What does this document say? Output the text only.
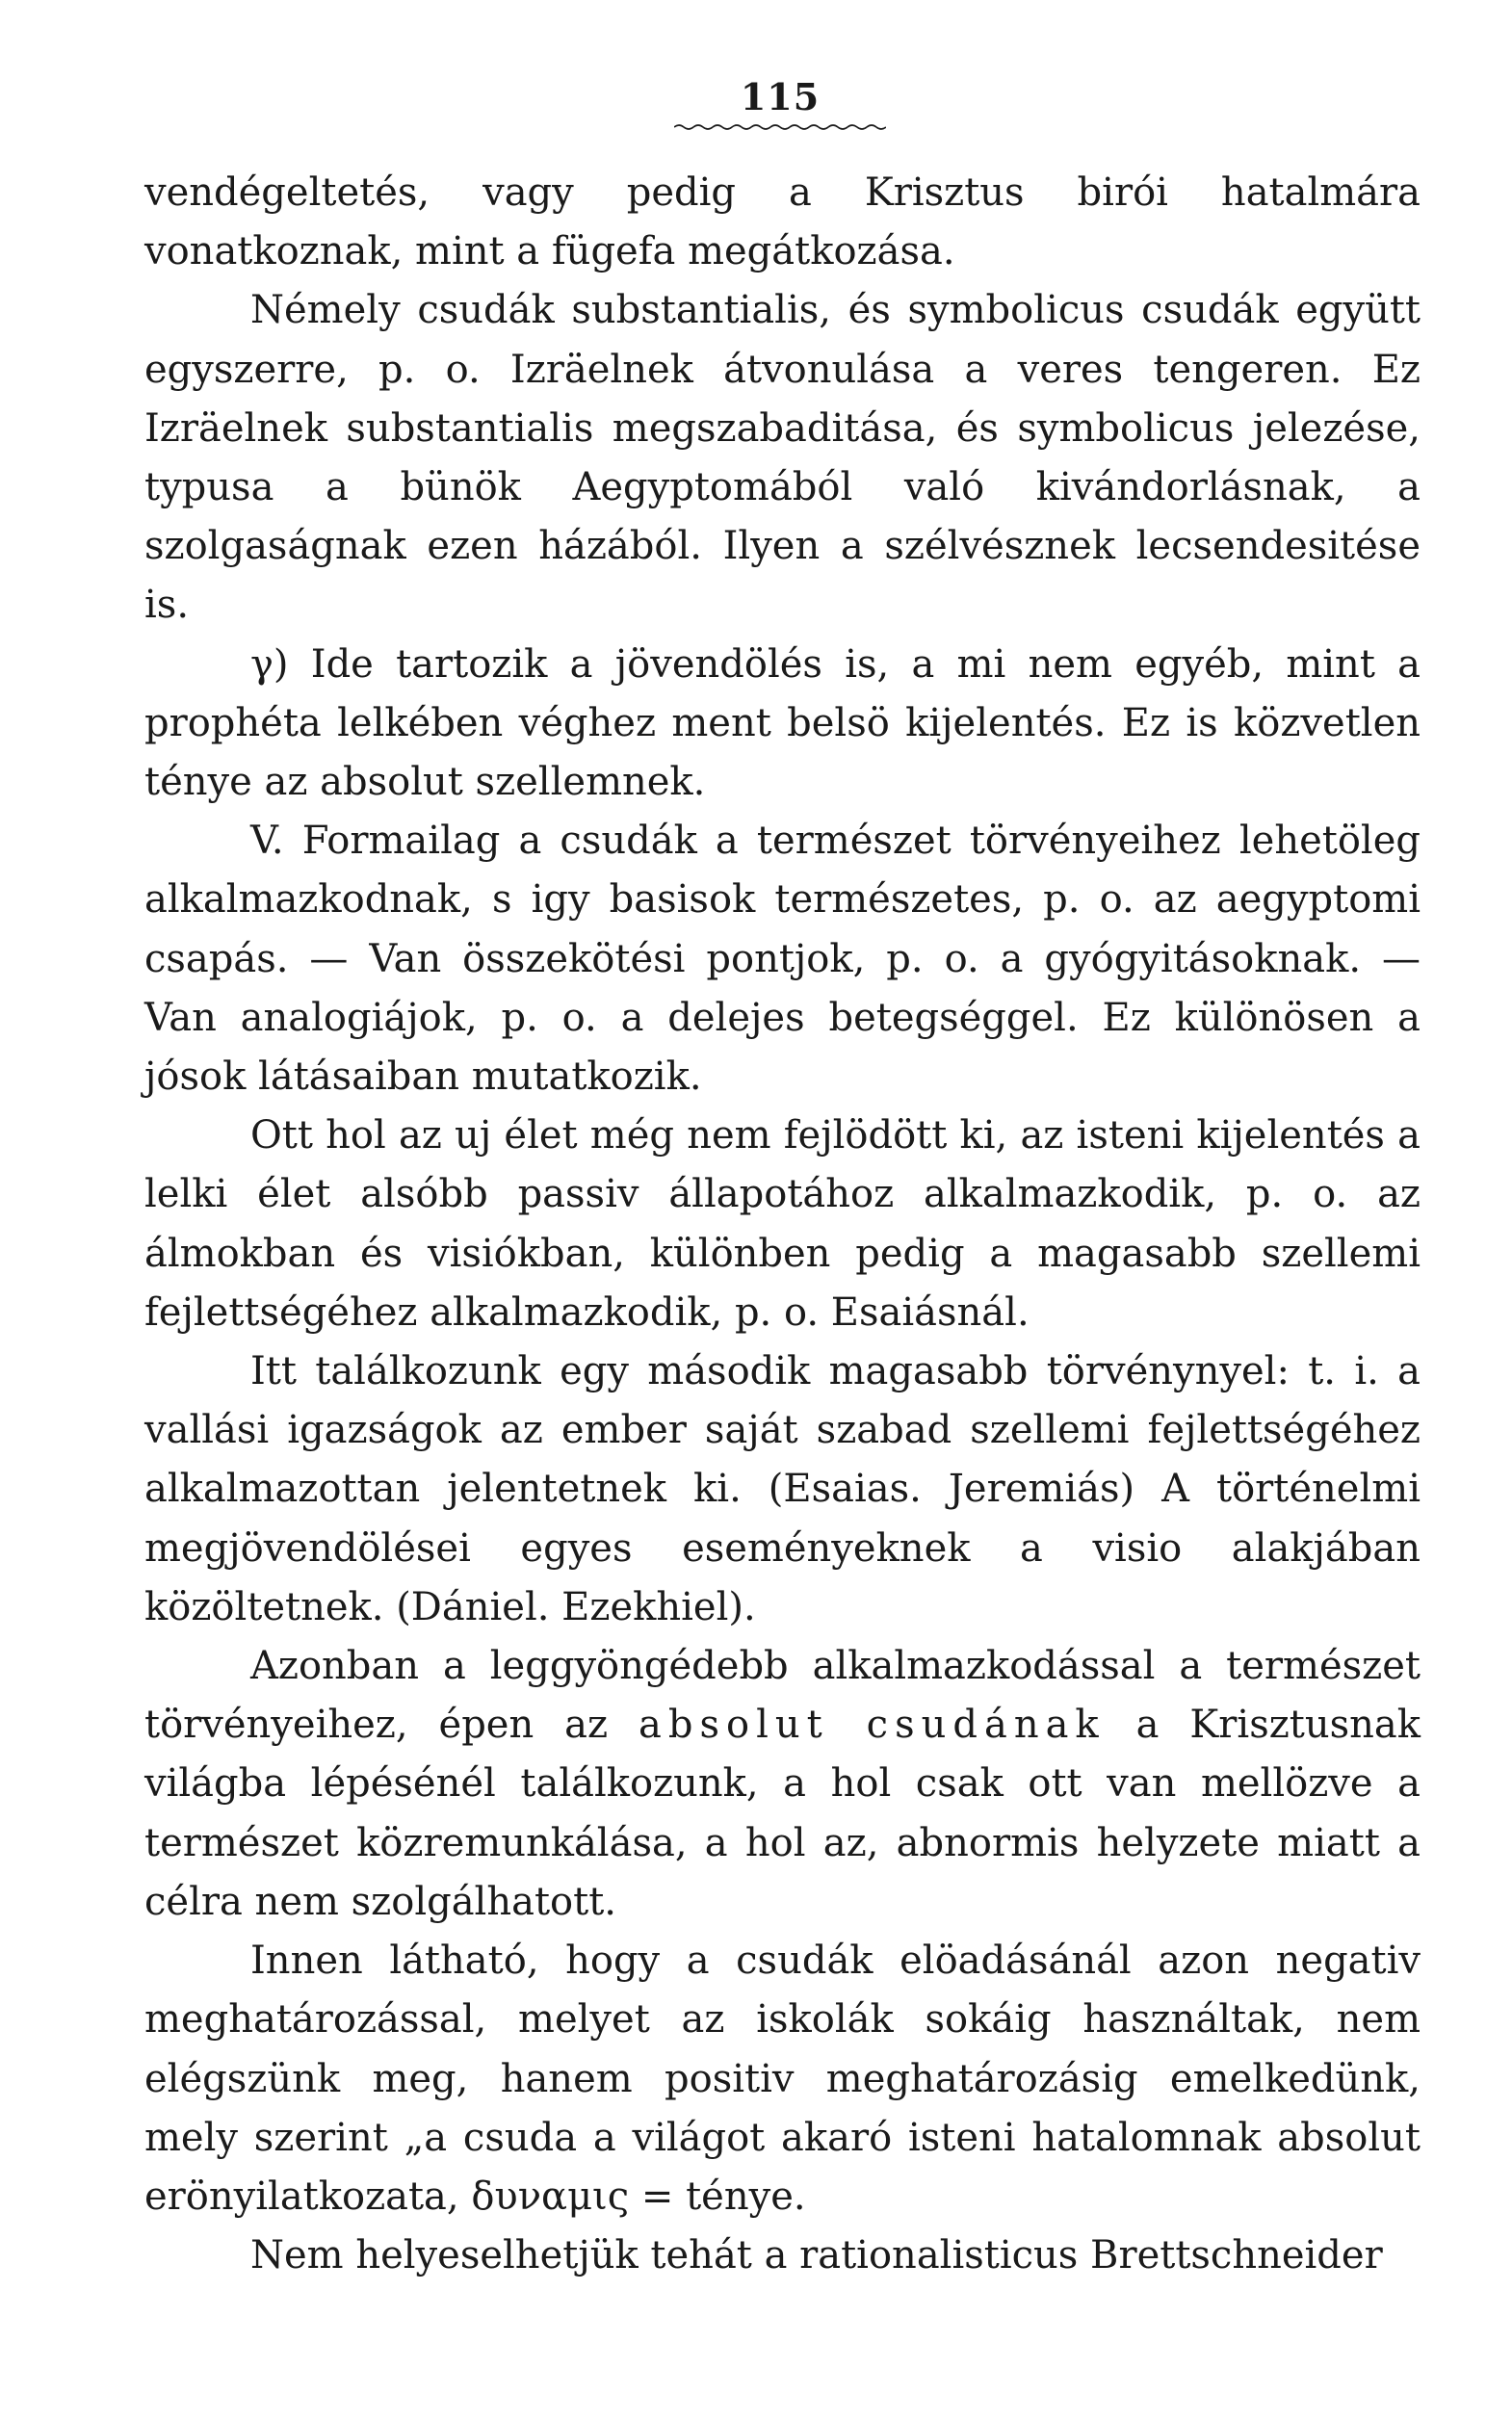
115

vendégeltetés, vagy pedig a Krisztus birói hatalmára vonatkoznak, mint a fügefa megátkozása.

Némely csudák substantialis, és symbolicus csudák együtt egyszerre, p. o. Izräelnek átvonulása a veres tengeren. Ez Izräelnek substantialis megszabaditása, és symbolicus jelezése, typusa a bünök Aegyptomából való kivándorlásnak, a szolgaságnak ezen házából. Ilyen a szélvésznek lecsendesitése is.

γ) Ide tartozik a jövendölés is, a mi nem egyéb, mint a prophéta lelkében véghez ment belsö kijelentés. Ez is közvetlen ténye az absolut szellemnek.

V. Formailag a csudák a természet törvényeihez lehetöleg alkalmazkodnak, s igy basisok természetes, p. o. az aegyptomi csapás. — Van összekötési pontjok, p. o. a gyógyitásoknak. — Van analogiájok, p. o. a delejes betegséggel. Ez különösen a jósok látásaiban mutatkozik.

Ott hol az uj élet még nem fejlödött ki, az isteni kijelentés a lelki élet alsóbb passiv állapotához alkalmazkodik, p. o. az álmokban és visiókban, különben pedig a magasabb szellemi fejlettségéhez alkalmazkodik, p. o. Esaiásnál.

Itt találkozunk egy második magasabb törvénynyel: t. i. a vallási igazságok az ember saját szabad szellemi fejlettségéhez alkalmazottan jelentetnek ki. (Esaias. Jeremiás) A történelmi megjövendölései egyes eseményeknek a visio alakjában közöltetnek. (Dániel. Ezekhiel).

Azonban a leggyöngédebb alkalmazkodással a természet törvényeihez, épen az absolut csudának a Krisztusnak világba lépésénél találkozunk, a hol csak ott van mellözve a természet közremunkálása, a hol az, abnormis helyzete miatt a célra nem szolgálhatott.

Innen látható, hogy a csudák elöadásánál azon negativ meghatározással, melyet az iskolák sokáig használtak, nem elégszünk meg, hanem positiv meghatározásig emelkedünk, mely szerint „a csuda a világot akaró isteni hatalomnak absolut erönyilatkozata, δυναμις = ténye.

Nem helyeselhetjük tehát a rationalisticus Brettschneider
